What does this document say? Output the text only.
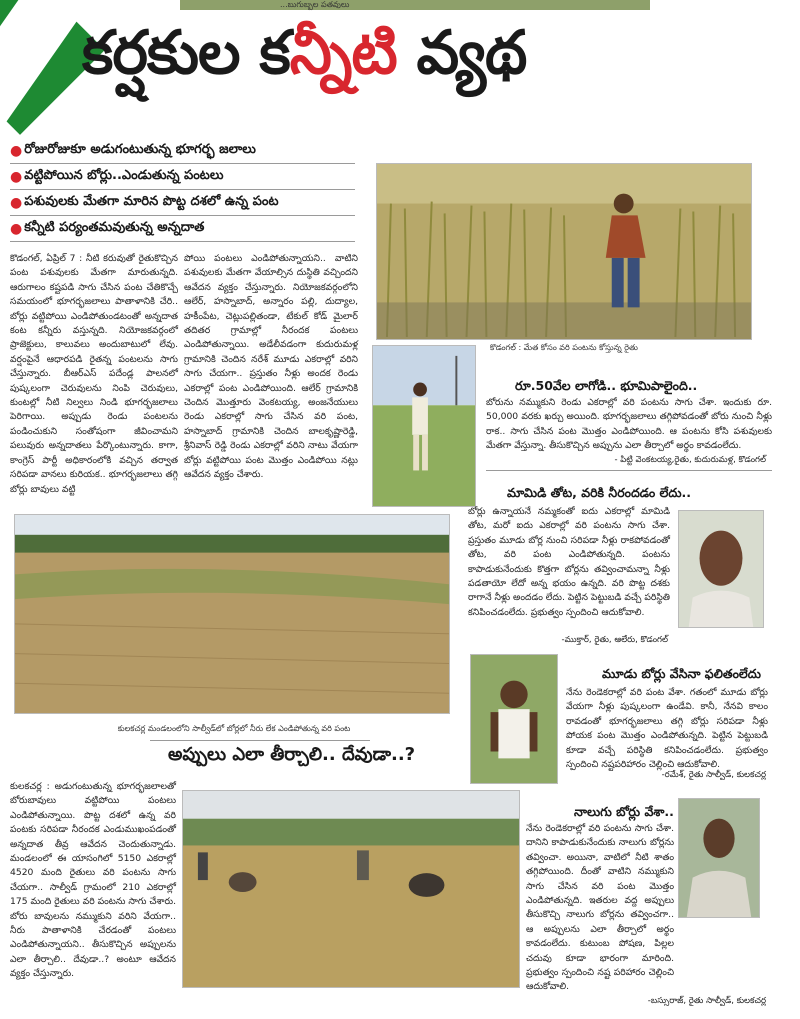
...బుగుబ్బల పతవులు
కర్షకుల కన్నీటి వ్యథ
● రోజురోజుకూ అడుగంటుతున్న భూగర్భ జలాలు
● వట్టిపోయిన బోర్లు..ఎండుతున్న పంటలు
● పశువులకు మేతగా మారిన పొట్ట దశలో ఉన్న పంట
● కన్నీటి పర్యంతమవుతున్న అన్నదాత
కొడంగల్, ఏప్రిల్ 7 : నీటి కరువుతో రైతుకొచ్చిన పంట పశువులకు మేతగా మారుతున్నది. ఆరుగాలం కష్టపడి సాగు చేసిన పంట చేతికొచ్చే సమయంలో భూగర్భజలాలు పాతాళానికి చేరి.. బోర్లు వట్టిపోయి ఎండిపోతుండటంతో అన్నదాత కంట కన్నీరు వస్తున్నది. నియోజకవర్గంలో ప్రాజెక్టులు, కాలువలు అందుబాటులో లేవు. వర్షంపైనే ఆధారపడి రైతన్న పంటలను సాగు చేస్తున్నారు. బీఆర్ఎస్ పదేండ్ల పాలనలో పుష్కలంగా చెరువులను నింపి చెరువులు, కుంటల్లో నీటి నిల్వలు నిండి భూగర్భజలాలు పెరిగాయి. అప్పుడు రెండు పంటలను పండించుకుని సంతోషంగా జీవించామని పలువురు అన్నదాతలు పేర్కొంటున్నారు. కాగా, కాంగ్రెస్ పార్టీ అధికారంలోకి వచ్చిన తర్వాత సరిపడా వానలు కురియక.. భూగర్భజలాలు తగ్గి బోర్లు బావులు వట్టి
పోయి పంటలు ఎండిపోతున్నాయని.. వాటిని పశువులకు మేతగా వేయాల్సిన దుస్థితి వచ్చిందని ఆవేదన వ్యక్తం చేస్తున్నారు. నియోజకవర్గంలోని ఆలేర్, హస్నాబాద్, అన్నారం పల్లి, దుద్యాల, హకీంపేట, చెట్లుపల్లితండా, టేకుల్ కోడ్ మైలార్ తదితర గ్రామాల్లో నీరందక పంటలు ఎండిపోతున్నాయి. అడేలీవడంగా కుదురుమళ్ల గ్రామానికి చెందిన నరేశ్ మూడు ఎకరాల్లో వరిని సాగు చేయగా.. ప్రస్తుతం నీళ్లు అందక రెండు ఎకరాల్లో పంట ఎండిపోయింది. ఆలేర్ గ్రామానికి చెందిన మొత్తూరు వెంకటయ్య, అంజనేయులు రెండు ఎకరాల్లో సాగు చేసిన వరి పంట, హస్నాబాద్ గ్రామానికి చెందిన బాలకృష్ణారెడ్డి, శ్రీనివాస్ రెడ్డి రెండు ఎకరాల్లో వరిని నాటు వేయగా బోర్లు వట్టిపోయి పంట మొత్తం ఎండిపోయి నట్లు ఆవేదన వ్యక్తం చేశారు.
కొడంగల్ : మేత కోసం వరి పంటను కోస్తున్న రైతు
రూ.50వేల లాగోడి.. భూమిపాలైంది..
బోరును నమ్ముకుని రెండు ఎకరాల్లో వరి పంటను సాగు చేశా. ఇందుకు రూ. 50,000 వరకు ఖర్చు అయింది. భూగర్భజలాలు తగ్గిపోవడంతో బోరు నుంచి నీళ్లు రాక.. సాగు చేసిన పంట మొత్తం ఎండిపోయింది. ఆ పంటను కోసి పశువులకు మేతగా వేస్తున్నా. తీసుకొచ్చిన అప్పును ఎలా తీర్చాలో అర్థం కావడంలేదు.
- పిట్టి వెంకటయ్య,రైతు, కుదురుమళ్ల, కొడంగల్
మామిడి తోట, వరికి నీరందడం లేదు..
బోర్లు ఉన్నాయనే నమ్మకంతో ఐదు ఎకరాల్లో మామిడి తోట, మరో ఐదు ఎకరాల్లో వరి పంటను సాగు చేశా. ప్రస్తుతం మూడు బోర్ల నుంచి సరిపడా నీళ్లు రాకపోవడంతో తోట, వరి పంట ఎండిపోతున్నది. పంటను కాపాడుకునేందుకు కొత్తగా బోర్లను తవ్వించామన్నా నీళ్లు పడతాయో లేదో అన్న భయం ఉన్నది. వరి పొట్ట దశకు రాగానే నీళ్లు అందడం లేదు. పెట్టిన పెట్టుబడి వచ్చే పరిస్థితి కనిపించడంలేదు. ప్రభుత్వం స్పందించి ఆదుకోవాలి.
-ముక్తార్, రైతు, ఆలేరు, కొడంగల్
కులకచర్ల మండలంలోని సాల్వీడ్‌లో బోర్లలో నీరు లేక ఎండిపోతున్న వరి పంట
మూడు బోర్లు వేసినా ఫలితంలేదు
నేను రెండెకరాల్లో వరి పంట వేశా. గతంలో మూడు బోర్లు వేయగా నీళ్లు పుష్కలంగా ఉండేవి. కానీ, నేనవి కాలం రావడంతో భూగర్భజలాలు తగ్గి బోర్లు సరిపడా నీళ్లు పోయక పంట మొత్తం ఎండిపోతున్నది. పెట్టిన పెట్టుబడి కూడా వచ్చే పరిస్థితి కనిపించడంలేదు. ప్రభుత్వం స్పందించి నష్టపరిహారం చెల్లించి ఆదుకోవాలి.
-రమేశ్, రైతు సాల్వీడ్, కులకచర్ల
అప్పులు ఎలా తీర్చాలి.. దేవుడా..?
కులకచర్ల : అడుగంటుతున్న భూగర్భజలాలతో బోరుబావులు వట్టిపోయి పంటలు ఎండిపోతున్నాయి. పొట్ట దశలో ఉన్న వరి పంటకు సరిపడా నీరందక ఎండుముఖంపడంతో అన్నదాత తీవ్ర ఆవేదన చెందుతున్నాడు. మండలంలో ఈ యాసంగిలో 5150 ఎకరాల్లో 4520 మంది రైతులు వరి పంటను సాగు చేయగా.. సాల్వీడ్ గ్రామంలో 210 ఎకరాల్లో 175 మంది రైతులు వరి పంటను సాగు చేశారు. బోరు బావులను నమ్ముకుని వరిని వేయగా.. నీరు పాతాళానికి చేరడంతో పంటలు ఎండిపోతున్నాయని.. తీసుకొచ్చిన అప్పులను ఎలా తీర్చాలి.. దేవుడా..? అంటూ ఆవేదన వ్యక్తం చేస్తున్నారు.
నాలుగు బోర్లు వేశా..
నేను రెండెకరాల్లో వరి పంటను సాగు చేశా. దానిని కాపాడుకునేందుకు నాలుగు బోర్లను తవ్వించా. అయినా, వాటిలో నీటి శాతం తగ్గిపోయింది. దీంతో వాటిని నమ్ముకుని సాగు చేసిన వరి పంట మొత్తం ఎండిపోతున్నది. ఇతరుల వద్ద అప్పులు తీసుకొచ్చి నాలుగు బోర్లను తవ్వించగా.. ఆ అప్పులను ఎలా తీర్చాలో అర్థం కావడంలేదు. కుటుంబ పోషణ, పిల్లల చదువు కూడా భారంగా మారింది. ప్రభుత్వం స్పందించి నష్ట పరిహారం చెల్లించి ఆదుకోవాలి.
-బస్సురాజ్, రైతు సాల్వీడ్, కులకచర్ల
